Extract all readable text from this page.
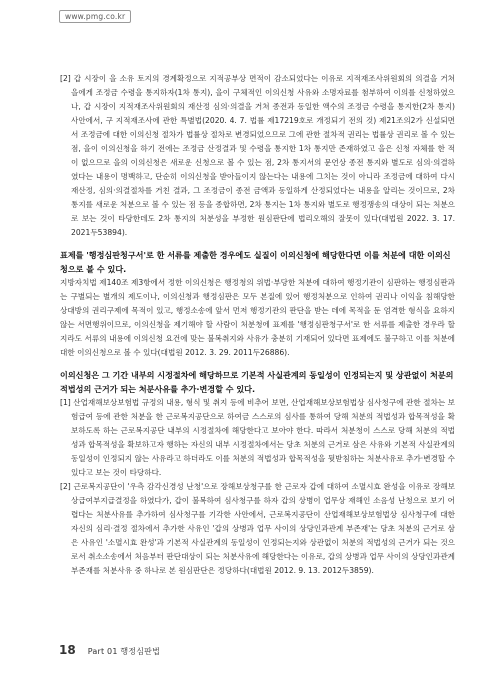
www.pmg.co.kr

[2] 갑 시장이 을 소유 토지의 경계확정으로 지적공부상 면적이 감소되었다는 이유로 지적재조사위원회의 의결을 거쳐 을에게 조정금 수령을 통지하자(1차 통지), 을이 구체적인 이의신청 사유와 소명자료를 첨부하여 이의를 신청하였으나, 갑 시장이 지적재조사위원회의 재산정 심의·의결을 거쳐 종전과 동일한 액수의 조정금 수령을 통지한(2차 통지) 사안에서, 구 지적재조사에 관한 특별법(2020. 4. 7. 법률 제17219호로 개정되기 전의 것) 제21조의2가 신설되면서 조정금에 대한 이의신청 절차가 법률상 절차로 변경되었으므로 그에 관한 절차적 권리는 법률상 권리로 볼 수 있는 점, 을이 이의신청을 하기 전에는 조정금 산정결과 및 수령을 통지한 1차 통지만 존재하였고 을은 신청 자체를 한 적이 없으므로 을의 이의신청은 새로운 신청으로 볼 수 있는 점, 2차 통지서의 문언상 종전 통지와 별도로 심의·의결하였다는 내용이 명백하고, 단순히 이의신청을 받아들이지 않는다는 내용에 그치는 것이 아니라 조정금에 대하여 다시 재산정, 심의·의결절차를 거친 결과, 그 조정금이 종전 금액과 동일하게 산정되었다는 내용을 알리는 것이므로, 2차 통지를 새로운 처분으로 볼 수 있는 점 등을 종합하면, 2차 통지는 1차 통지와 별도로 행정쟁송의 대상이 되는 처분으로 보는 것이 타당한데도 2차 통지의 처분성을 부정한 원심판단에 법리오해의 잘못이 있다(대법원 2022. 3. 17. 2021두53894).

표제를 '행정심판청구서'로 한 서류를 제출한 경우에도 실질이 이의신청에 해당한다면 이를 처분에 대한 이의신청으로 볼 수 있다.

지방자치법 제140조 제3항에서 정한 이의신청은 행정청의 위법·부당한 처분에 대하여 행정기관이 심판하는 행정심판과는 구별되는 별개의 제도이나, 이의신청과 행정심판은 모두 본질에 있어 행정처분으로 인하여 권리나 이익을 침해당한 상대방의 권리구제에 목적이 있고, 행정소송에 앞서 먼저 행정기관의 판단을 받는 데에 목적을 둔 엄격한 형식을 요하지 않는 서면행위이므로, 이의신청을 제기해야 할 사람이 처분청에 표제를 '행정심판청구서'로 한 서류를 제출한 경우라 할지라도 서류의 내용에 이의신청 요건에 맞는 불복취지와 사유가 충분히 기재되어 있다면 표제에도 불구하고 이를 처분에 대한 이의신청으로 볼 수 있다(대법원 2012. 3. 29. 2011두26886).

이의신청은 그 기간 내부의 시정절차에 해당하므로 기본적 사실관계의 동일성이 인정되는지 및 상관없이 처분의 적법성의 근거가 되는 처분사유를 추가·변경할 수 있다.

[1] 산업재해보상보험법 규정의 내용, 형식 및 취지 등에 비추어 보면, 산업재해보상보험법상 심사청구에 관한 절차는 보험급여 등에 관한 처분을 한 근로복지공단으로 하여금 스스로의 심사를 통하여 당해 처분의 적법성과 합목적성을 확보하도록 하는 근로복지공단 내부의 시정절차에 해당한다고 보아야 한다. 따라서 처분청이 스스로 당해 처분의 적법성과 합목적성을 확보하고자 행하는 자신의 내부 시정절차에서는 당초 처분의 근거로 삼은 사유와 기본적 사실관계의 동일성이 인정되지 않는 사유라고 하더라도 이를 처분의 적법성과 합목적성을 뒷받침하는 처분사유로 추가·변경할 수 있다고 보는 것이 타당하다.

[2] 근로복지공단이 '우측 감각신경성 난청'으로 장해보상청구를 한 근로자 갑에 대하여 소멸시효 완성을 이유로 장해보상급여부지급결정을 하였다가, 갑이 불복하여 심사청구를 하자 갑의 상병이 업무상 재해인 소음성 난청으로 보기 어렵다는 처분사유를 추가하여 심사청구를 기각한 사안에서, 근로복지공단이 산업재해보상보험법상 심사청구에 대한 자신의 심리·결정 절차에서 추가한 사유인 '갑의 상병과 업무 사이의 상당인과관계 부존재'는 당초 처분의 근거로 삼은 사유인 '소멸시효 완성'과 기본적 사실관계의 동일성이 인정되는지와 상관없이 처분의 적법성의 근거가 되는 것으로서 취소소송에서 처음부터 판단대상이 되는 처분사유에 해당한다는 이유로, 갑의 상병과 업무 사이의 상당인과관계 부존재를 처분사유 중 하나로 본 원심판단은 정당하다(대법원 2012. 9. 13. 2012두3859).

18 Part 01 행정심판법
